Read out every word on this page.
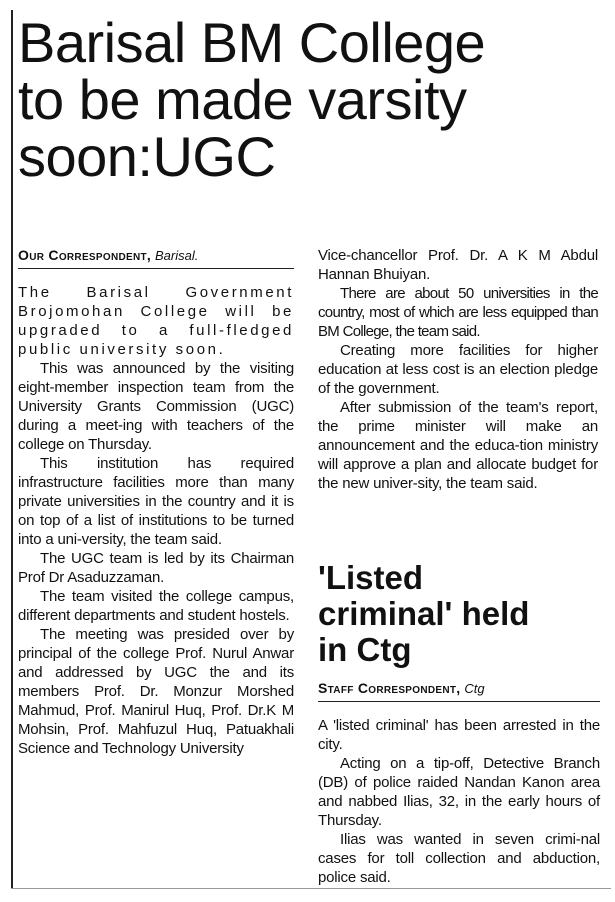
Barisal BM College
to be made varsity
soon:UGC
Our Correspondent, Barisal.

The Barisal Government Brojomohan College will be upgraded to a full-fledged public university soon.

This was announced by the visiting eight-member inspection team from the University Grants Commission (UGC) during a meet-ing with teachers of the college on Thursday.

This institution has required infrastructure facilities more than many private universities in the country and it is on top of a list of institutions to be turned into a uni-versity, the team said.

The UGC team is led by its Chairman Prof Dr Asaduzzaman.

The team visited the college campus, different departments and student hostels.

The meeting was presided over by principal of the college Prof. Nurul Anwar and addressed by UGC the and its members Prof. Dr. Monzur Morshed Mahmud, Prof. Manirul Huq, Prof. Dr.K M Mohsin, Prof. Mahfuzul Huq, Patuakhali Science and Technology University

Vice-chancellor Prof. Dr. A K M Abdul Hannan Bhuiyan.

There are about 50 universities in the country, most of which are less equipped than BM College, the team said.

Creating more facilities for higher education at less cost is an election pledge of the government.

After submission of the team's report, the prime minister will make an announcement and the educa-tion ministry will approve a plan and allocate budget for the new univer-sity, the team said.

'Listed
criminal' held
in Ctg
Staff Correspondent, Ctg

A 'listed criminal' has been arrested in the city.

Acting on a tip-off, Detective Branch (DB) of police raided Nandan Kanon area and nabbed Ilias, 32, in the early hours of Thursday.

Ilias was wanted in seven crimi-nal cases for toll collection and abduction, police said.
